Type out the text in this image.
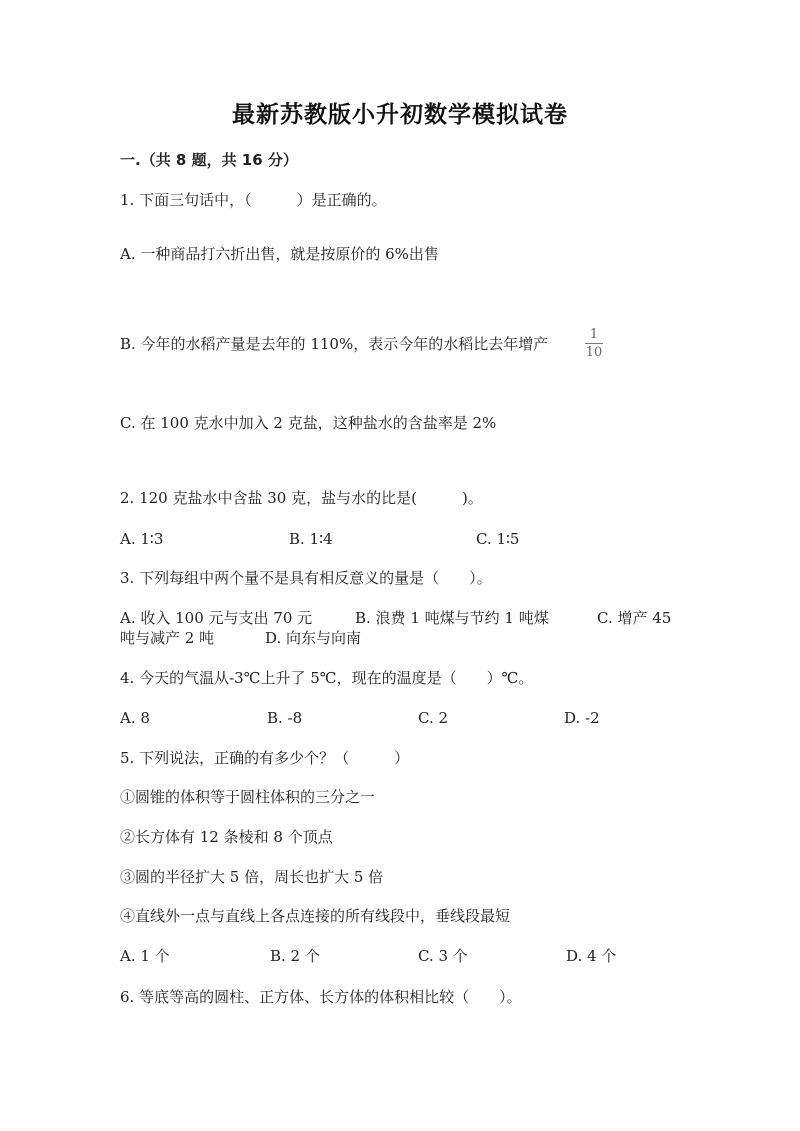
最新苏教版小升初数学模拟试卷
一.（共 8 题，共 16 分）
1. 下面三句话中，（　　　）是正确的。
A. 一种商品打六折出售，就是按原价的 6%出售
B. 今年的水稻产量是去年的 110%，表示今年的水稻比去年增产
1
10
C. 在 100 克水中加入 2 克盐，这种盐水的含盐率是 2%
2. 120 克盐水中含盐 30 克，盐与水的比是(　　　)。
A. 1∶3	B. 1∶4	C. 1∶5
3. 下列每组中两个量不是具有相反意义的量是（　　）。
A. 收入 100 元与支出 70 元	B. 浪费 1 吨煤与节约 1 吨煤	C. 增产 45
吨与减产 2 吨	D. 向东与向南
4. 今天的气温从-3℃上升了 5℃，现在的温度是（　　）℃。
A. 8	B. -8	C. 2	D. -2
5. 下列说法，正确的有多少个？（　　　）
①圆锥的体积等于圆柱体积的三分之一
②长方体有 12 条棱和 8 个顶点
③圆的半径扩大 5 倍，周长也扩大 5 倍
④直线外一点与直线上各点连接的所有线段中，垂线段最短
A. 1 个	B. 2 个	C. 3 个	D. 4 个
6. 等底等高的圆柱、正方体、长方体的体积相比较（　　）。
